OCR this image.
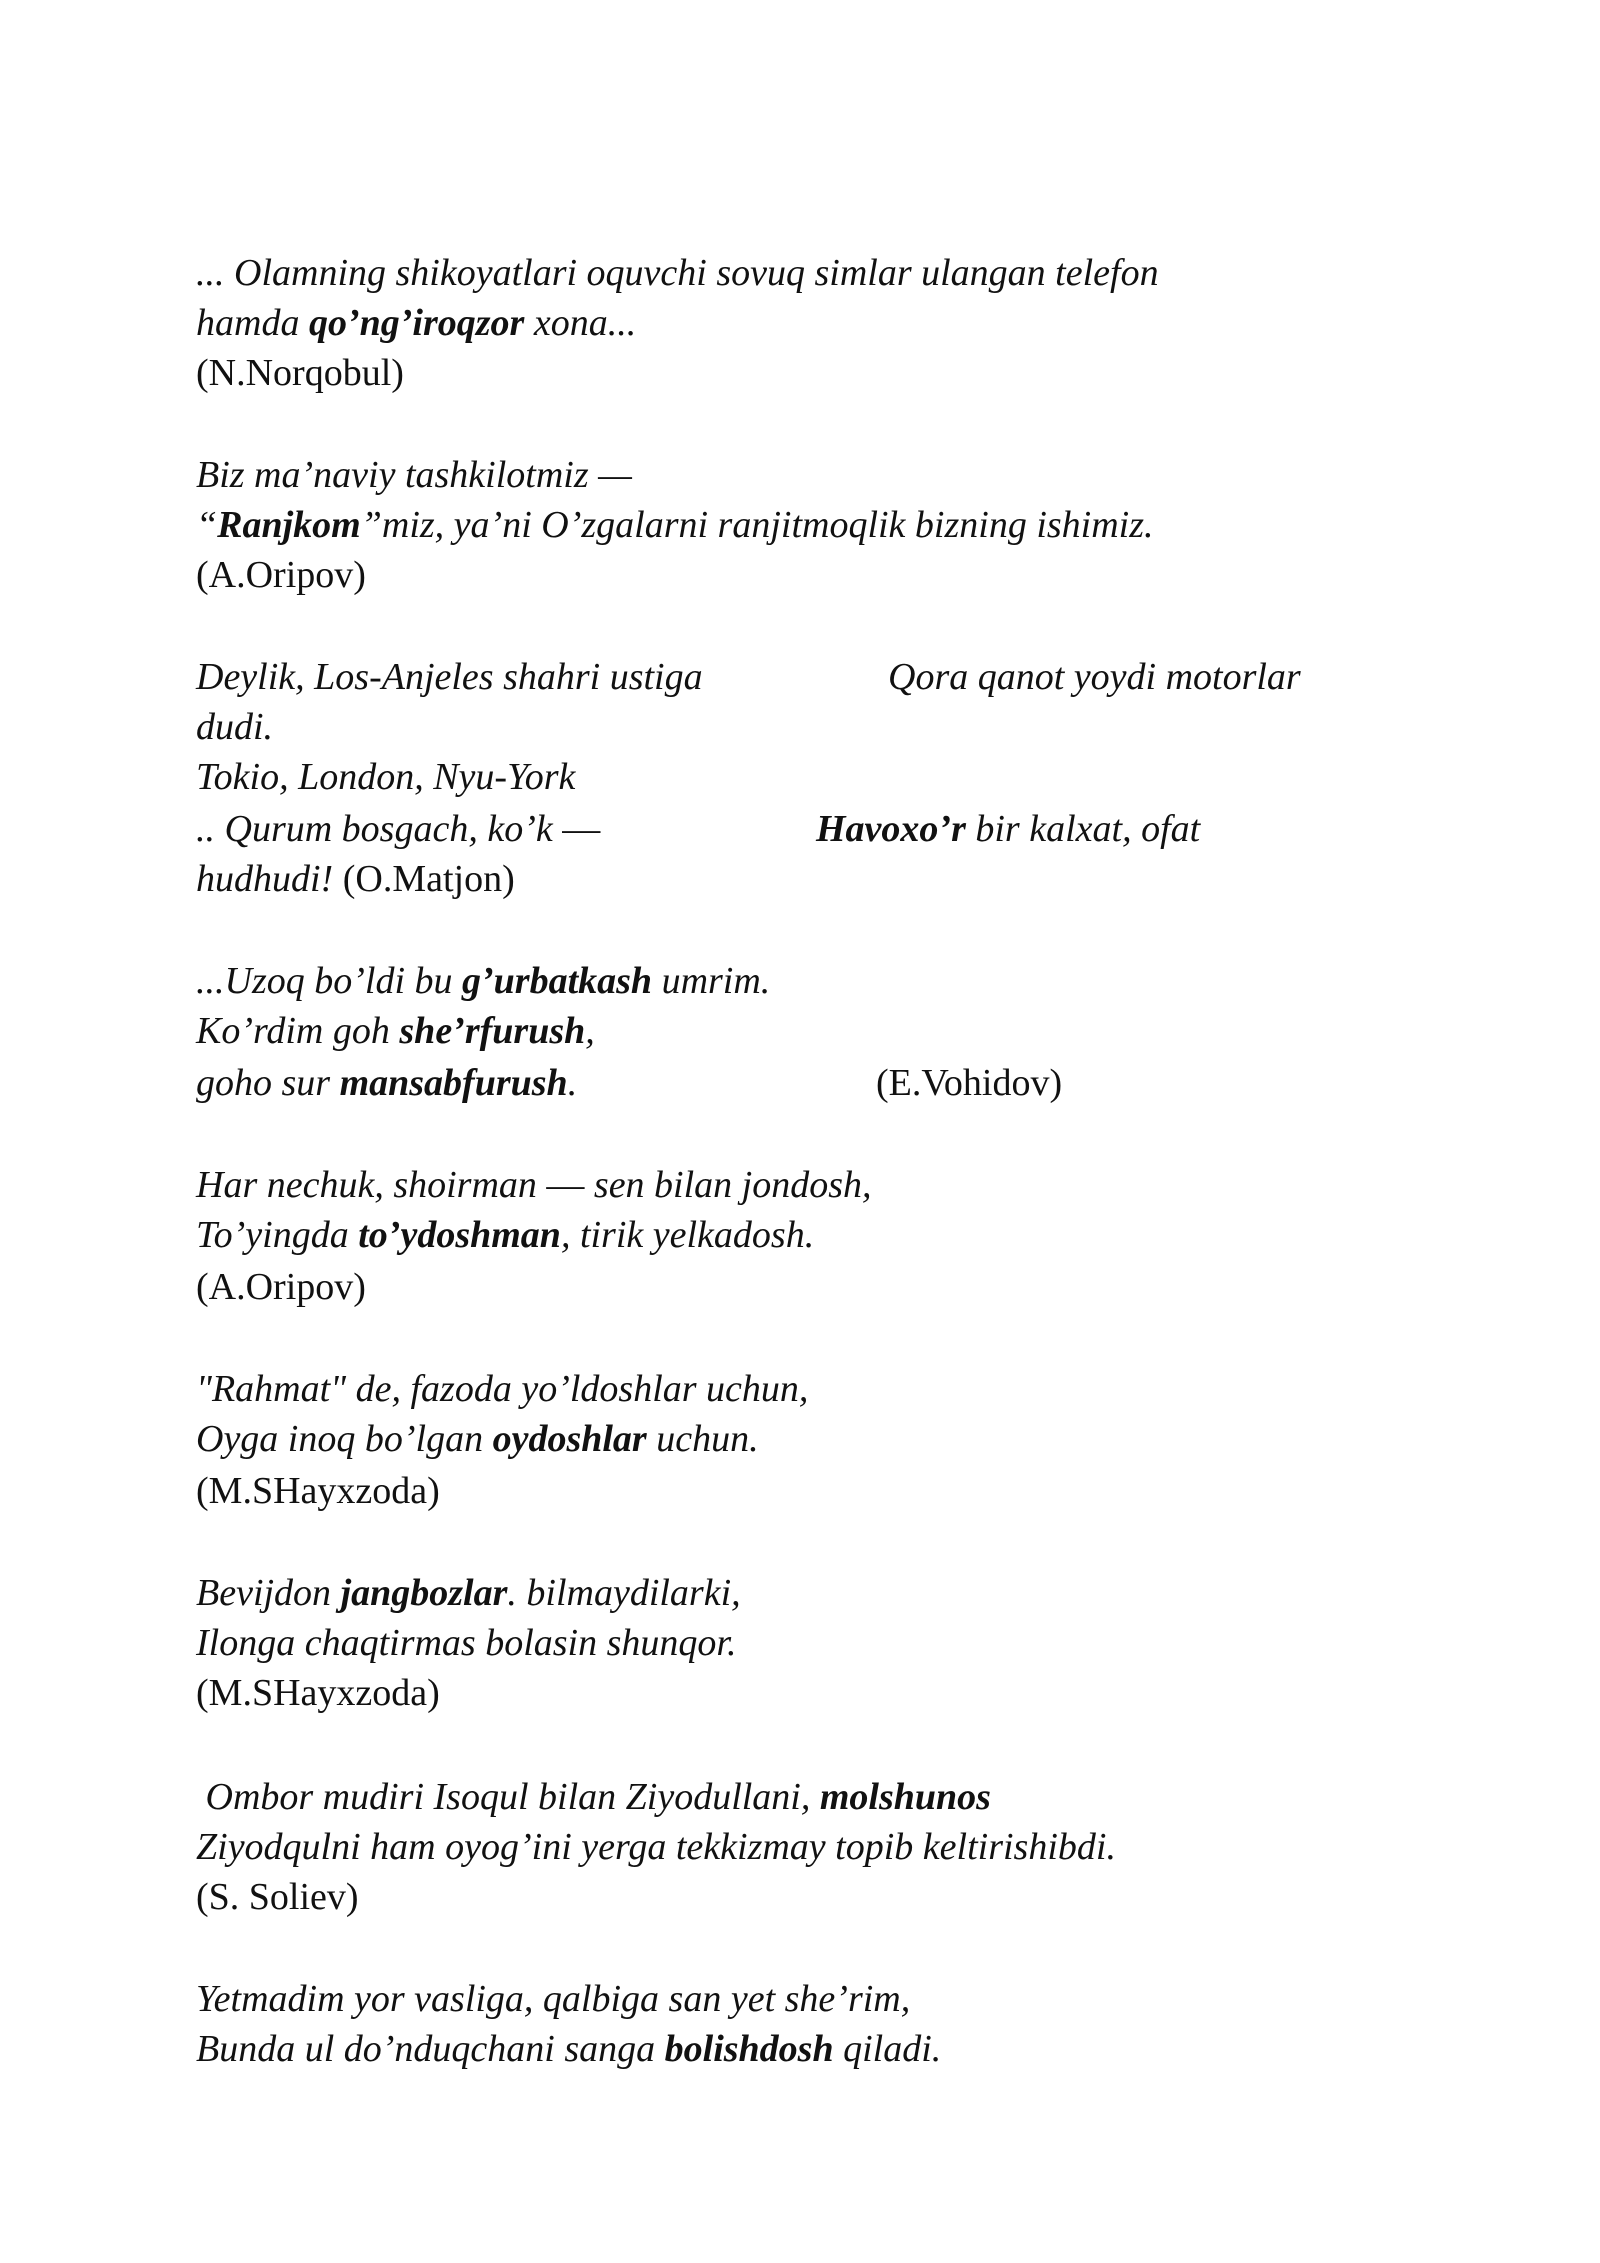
... Olamning shikoyatlari oquvchi sovuq simlar ulangan telefon

hamda qo’ng’iroqzor xona...

(N.Norqobul)

Biz ma’naviy tashkilotmiz —

“Ranjkom”miz, ya’ni O’zgalarni ranjitmoqlik bizning ishimiz.

(A.Oripov)

Deylik, Los-Anjeles shahri ustiga	Qora qanot yoydi motorlar

dudi.

Tokio, London, Nyu-York

.. Qurum bosgach, ko’k —	Havoxo’r bir kalxat, ofat

hudhudi! (O.Matjon)

...Uzoq bo’ldi bu g’urbatkash umrim.

Ko’rdim goh she’rfurush,

goho sur mansabfurush.	(E.Vohidov)

Har nechuk, shoirman — sen bilan jondosh,

To’yingda to’ydoshman, tirik yelkadosh.

(A.Oripov)

"Rahmat" de, fazoda yo’ldoshlar uchun,

Oyga inoq bo’lgan oydoshlar uchun.

(M.SHayxzoda)

Bevijdon jangbozlar. bilmaydilarki,

Ilonga chaqtirmas bolasin shunqor.

(M.SHayxzoda)

Ombor mudiri Isoqul bilan Ziyodullani, molshunos

Ziyodqulni ham oyog’ini yerga tekkizmay topib keltirishibdi.

(S. Soliev)

Yetmadim yor vasliga, qalbiga san yet she’rim,

Bunda ul do’nduqchani sanga bolishdosh qiladi.
